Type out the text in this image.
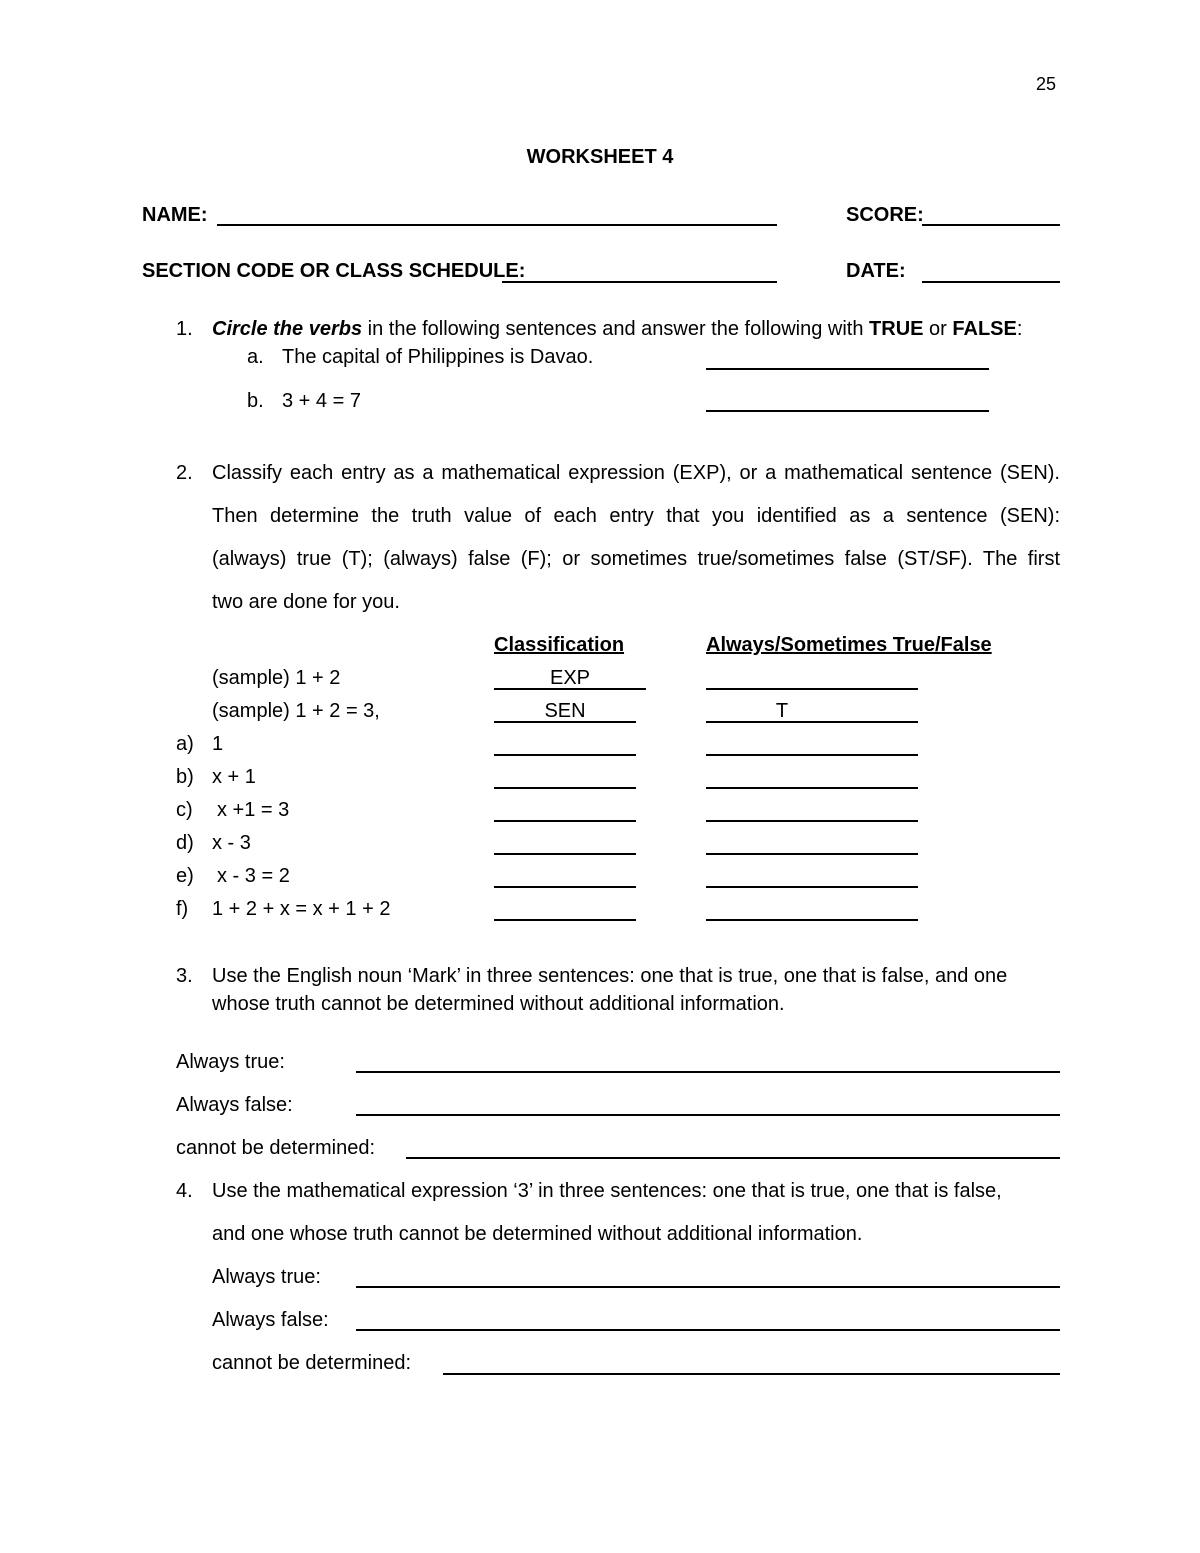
25
WORKSHEET 4
NAME:	SCORE:
SECTION CODE OR CLASS SCHEDULE:	DATE:
1. Circle the verbs in the following sentences and answer the following with TRUE or FALSE:
a. The capital of Philippines is Davao.
b. 3 + 4 = 7
2. Classify each entry as a mathematical expression (EXP), or a mathematical sentence (SEN).
Then determine the truth value of each entry that you identified as a sentence (SEN):
(always) true (T); (always) false (F); or sometimes true/sometimes false (ST/SF). The first
two are done for you.
Classification	Always/Sometimes True/False
(sample) 1 + 2	EXP
(sample) 1 + 2 = 3,	SEN	T
a) 1
b) x + 1
c) x +1 = 3
d) x - 3
e) x - 3 = 2
f) 1 + 2 + x = x + 1 + 2
3. Use the English noun ‘Mark’ in three sentences: one that is true, one that is false, and one
whose truth cannot be determined without additional information.
Always true:
Always false:
cannot be determined:
4. Use the mathematical expression ‘3’ in three sentences: one that is true, one that is false,
and one whose truth cannot be determined without additional information.
Always true:
Always false:
cannot be determined:
